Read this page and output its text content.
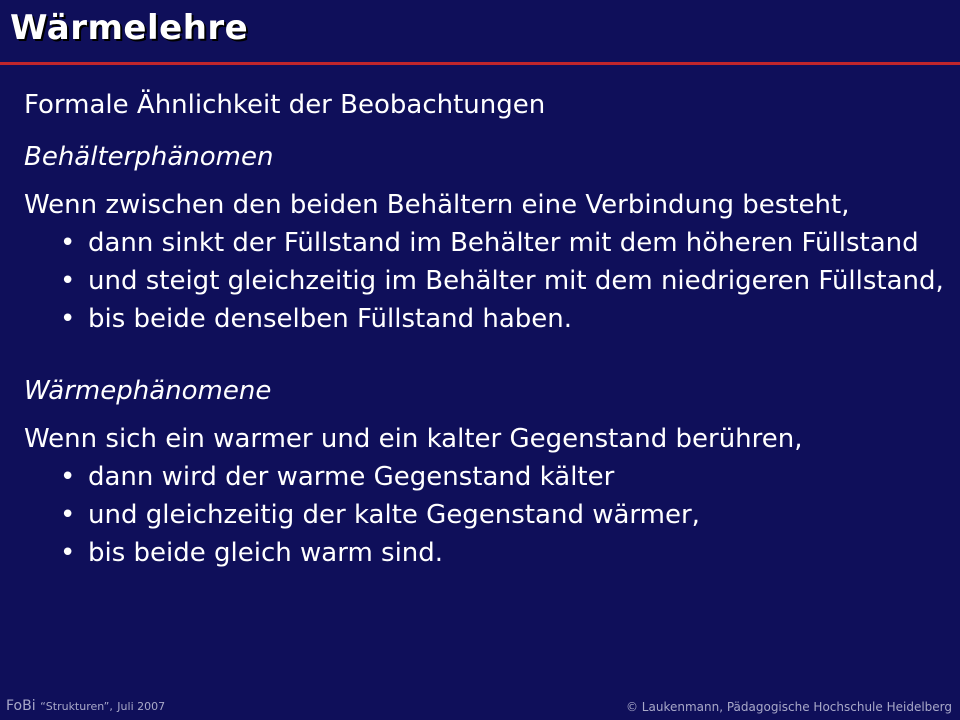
Wärmelehre

Formale Ähnlichkeit der Beobachtungen

Behälterphänomen

Wenn zwischen den beiden Behältern eine Verbindung besteht,

• dann sinkt der Füllstand im Behälter mit dem höheren Füllstand
• und steigt gleichzeitig im Behälter mit dem niedrigeren Füllstand,
• bis beide denselben Füllstand haben.

Wärmephänomene

Wenn sich ein warmer und ein kalter Gegenstand berühren,

• dann wird der warme Gegenstand kälter
• und gleichzeitig der kalte Gegenstand wärmer,
• bis beide gleich warm sind.
FoBi “Strukturen”, Juli 2007	© Laukenmann, Pädagogische Hochschule Heidelberg
